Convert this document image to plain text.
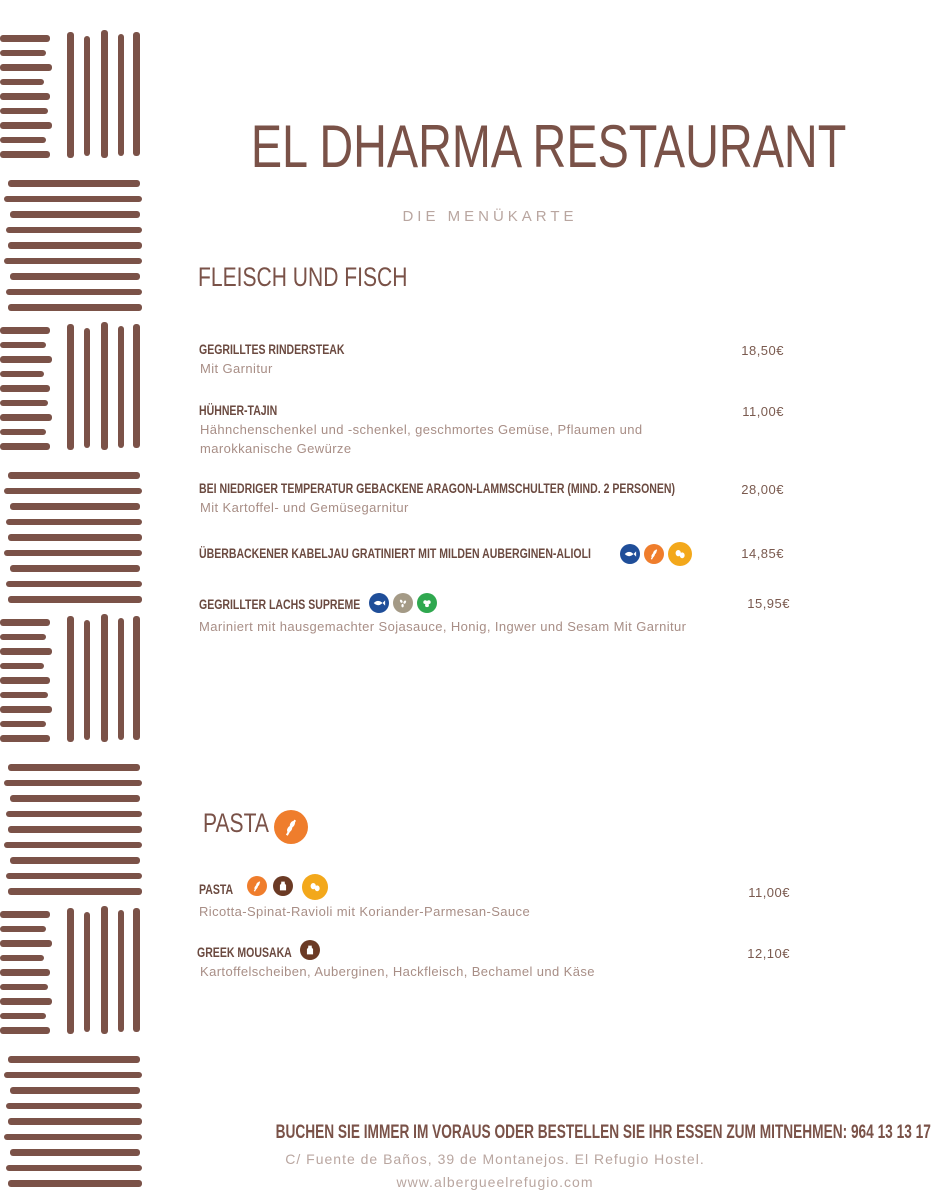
EL DHARMA RESTAURANT
DIE MENÜKARTE
FLEISCH UND FISCH
GEGRILLTES RINDERSTEAK
Mit Garnitur
18,50€
HÜHNER-TAJIN
Hähnchenschenkel und -schenkel, geschmortes Gemüse, Pflaumen und marokkanische Gewürze
11,00€
BEI NIEDRIGER TEMPERATUR GEBACKENE ARAGON-LAMMSCHULTER (MIND. 2 PERSONEN)
Mit Kartoffel- und Gemüsegarnitur
28,00€
ÜBERBACKENER KABELJAU GRATINIERT MIT MILDEN AUBERGINEN-ALIOLI	14,85€
GEGRILLTER LACHS SUPREME
Mariniert mit hausgemachter Sojasauce, Honig, Ingwer und Sesam Mit Garnitur
15,95€
PASTA
PASTA
Ricotta-Spinat-Ravioli mit Koriander-Parmesan-Sauce
11,00€
GREEK MOUSAKA
Kartoffelscheiben, Auberginen, Hackfleisch, Bechamel und Käse
12,10€
BUCHEN SIE IMMER IM VORAUS ODER BESTELLEN SIE IHR ESSEN ZUM MITNEHMEN: 964 13 13 17
C/ Fuente de Baños, 39 de Montanejos. El Refugio Hostel.
www.albergueelrefugio.com
